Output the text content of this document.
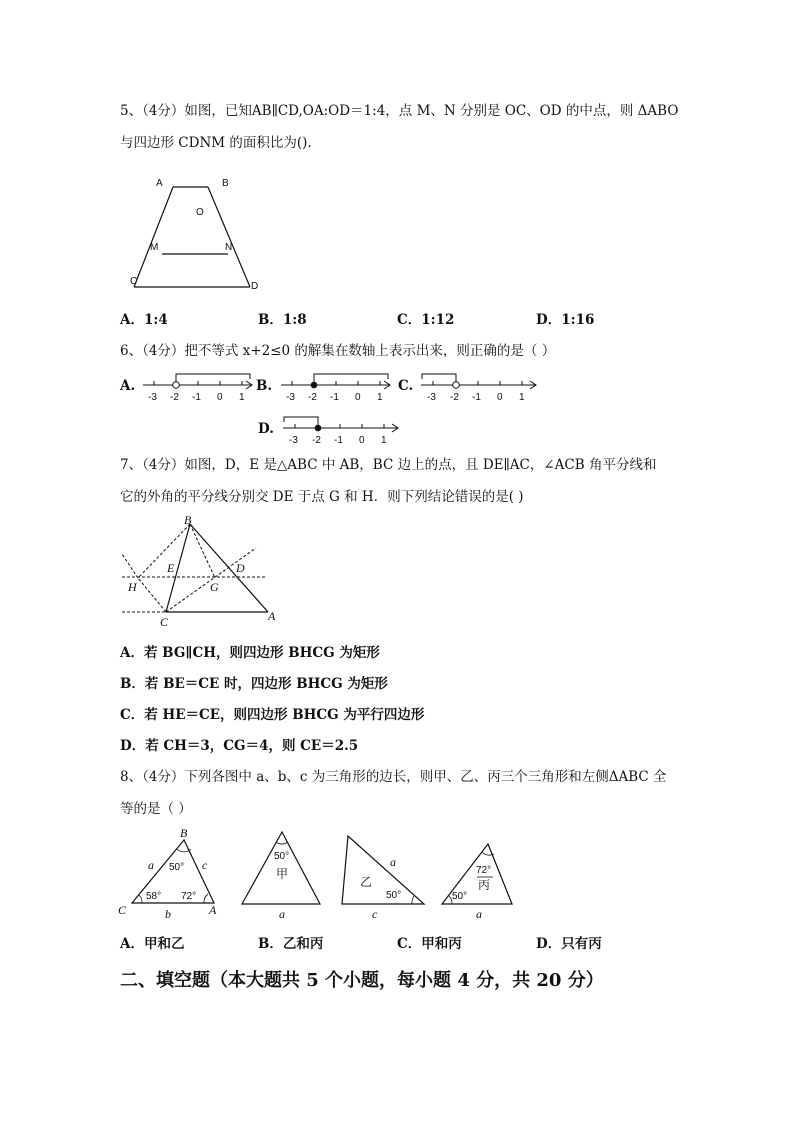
5、（4分）如图，已知AB∥CD,OA:OD＝1:4，点 M、N 分别是 OC、OD 的中点，则 ΔABO
与四边形 CDNM 的面积比为().
A	B
O
M	N
C	D
A．1:4	B．1:8	C．1:12	D．1:16
6、（4分）把不等式 x+2≤0 的解集在数轴上表示出来，则正确的是（ ）
A.	B.	C.
D.
-3 -2 -1 0 1	-3 -2 -1 0 1	-3 -2 -1 0 1
-3 -2 -1 0 1
7、（4分）如图，D，E 是△ABC 中 AB，BC 边上的点，且 DE∥AC，∠ACB 角平分线和
它的外角的平分线分别交 DE 于点 G 和 H．则下列结论错误的是( )
B
E	D
H	G
C	A
A．若 BG∥CH，则四边形 BHCG 为矩形
B．若 BE＝CE 时，四边形 BHCG 为矩形
C．若 HE＝CE，则四边形 BHCG 为平行四边形
D．若 CH＝3，CG＝4，则 CE＝2.5
8、（4分）下列各图中 a、b、c 为三角形的边长，则甲、乙、丙三个三角形和左侧ΔABC 全
等的是（ ）
B
C	A
a
b
c
50°
58° 72°
50°
甲
a
乙
50°
a
c
72°
丙
50°
a
A．甲和乙	B．乙和丙	C．甲和丙	D．只有丙
二、填空题（本大题共 5 个小题，每小题 4 分，共 20 分）
